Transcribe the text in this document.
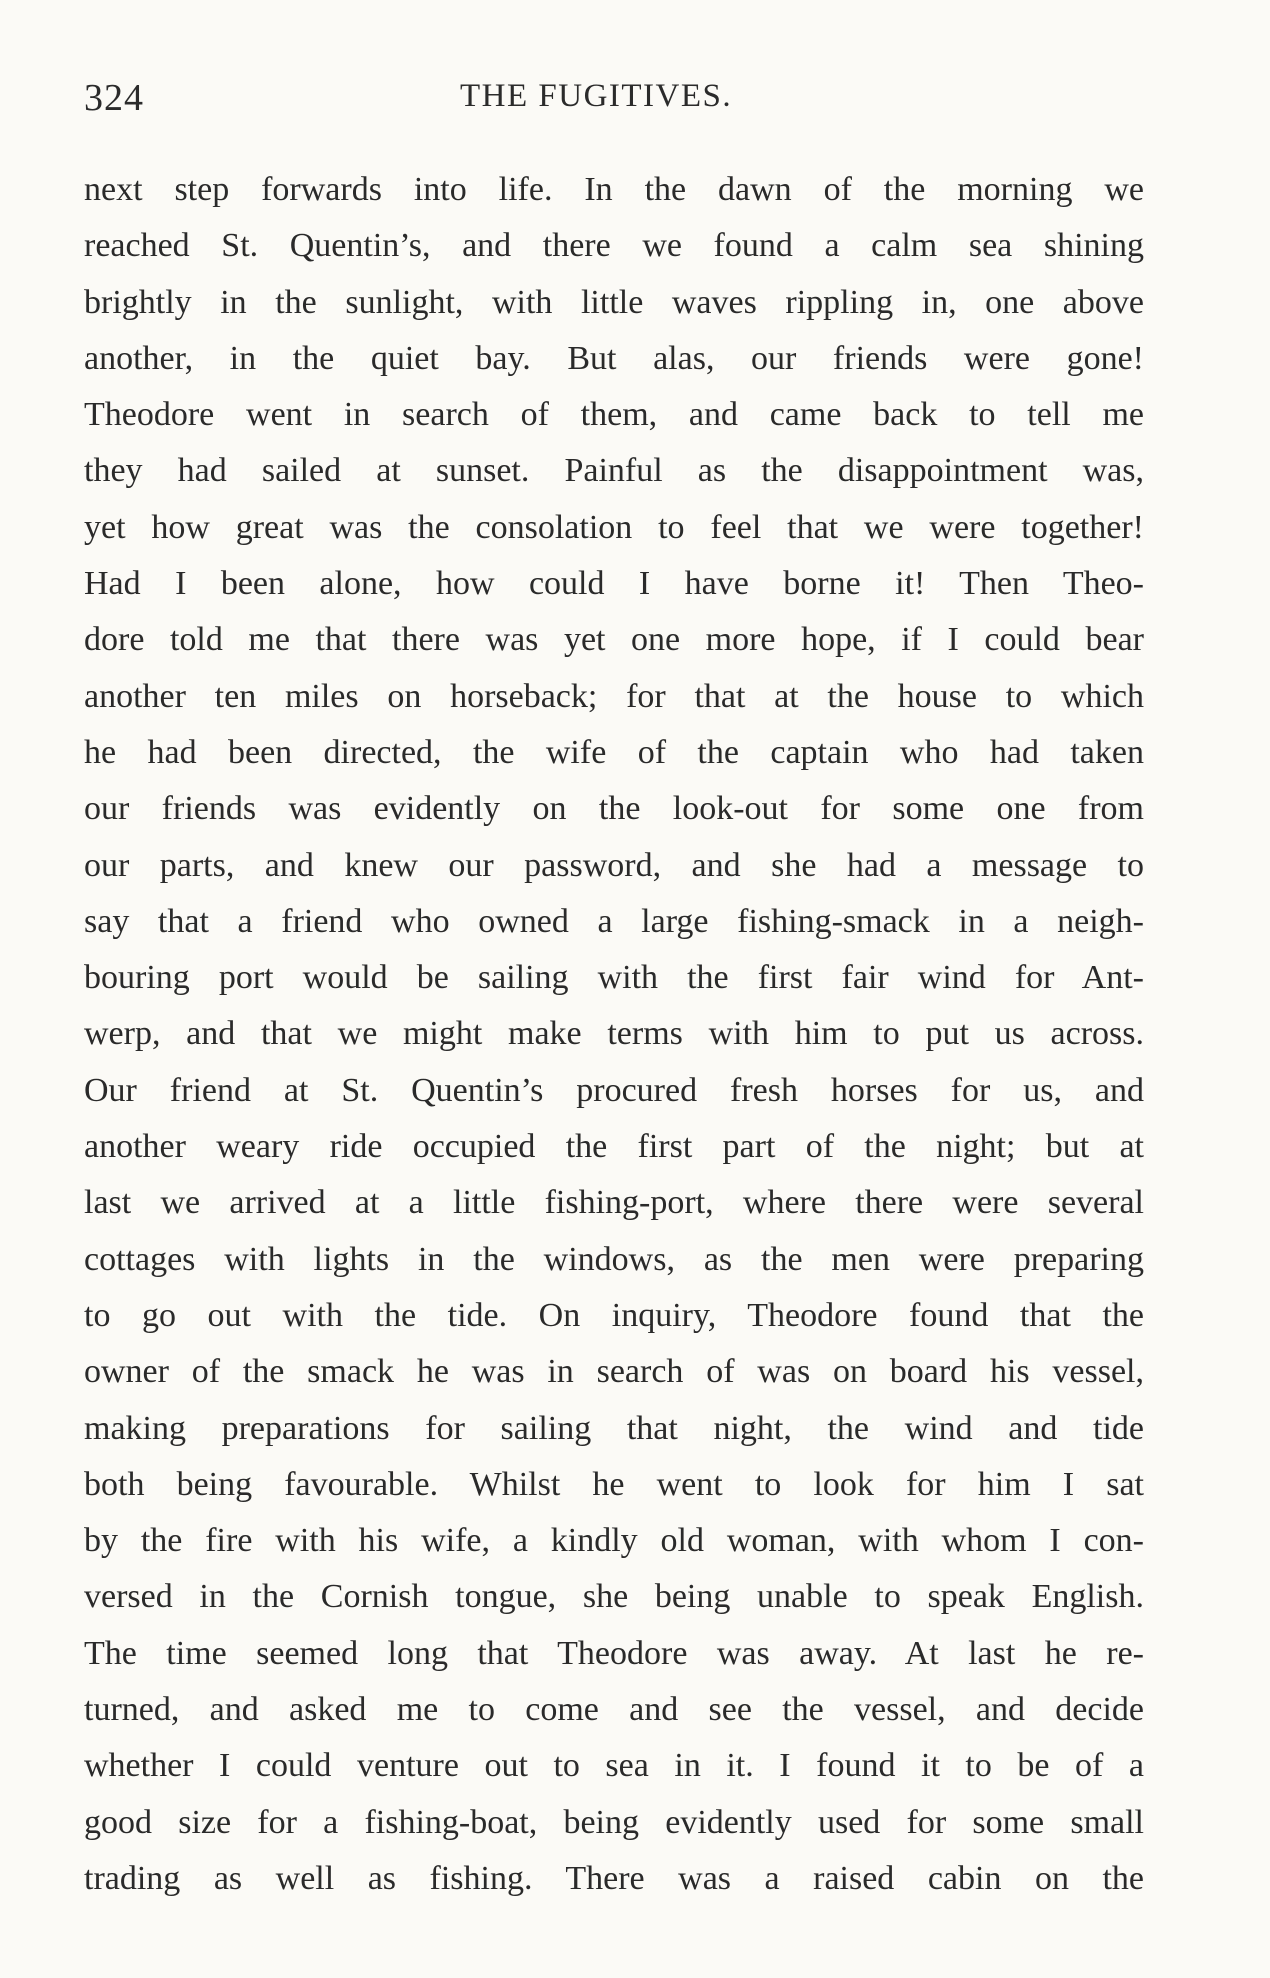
324	THE FUGITIVES.
next step forwards into life. In the dawn of the morning we
reached St. Quentin’s, and there we found a calm sea shining
brightly in the sunlight, with little waves rippling in, one above
another, in the quiet bay. But alas, our friends were gone!
Theodore went in search of them, and came back to tell me
they had sailed at sunset. Painful as the disappointment was,
yet how great was the consolation to feel that we were together!
Had I been alone, how could I have borne it! Then Theo-
dore told me that there was yet one more hope, if I could bear
another ten miles on horseback; for that at the house to which
he had been directed, the wife of the captain who had taken
our friends was evidently on the look-out for some one from
our parts, and knew our password, and she had a message to
say that a friend who owned a large fishing-smack in a neigh-
bouring port would be sailing with the first fair wind for Ant-
werp, and that we might make terms with him to put us across.
Our friend at St. Quentin’s procured fresh horses for us, and
another weary ride occupied the first part of the night; but at
last we arrived at a little fishing-port, where there were several
cottages with lights in the windows, as the men were preparing
to go out with the tide. On inquiry, Theodore found that the
owner of the smack he was in search of was on board his vessel,
making preparations for sailing that night, the wind and tide
both being favourable. Whilst he went to look for him I sat
by the fire with his wife, a kindly old woman, with whom I con-
versed in the Cornish tongue, she being unable to speak English.
The time seemed long that Theodore was away. At last he re-
turned, and asked me to come and see the vessel, and decide
whether I could venture out to sea in it. I found it to be of a
good size for a fishing-boat, being evidently used for some small
trading as well as fishing. There was a raised cabin on the
